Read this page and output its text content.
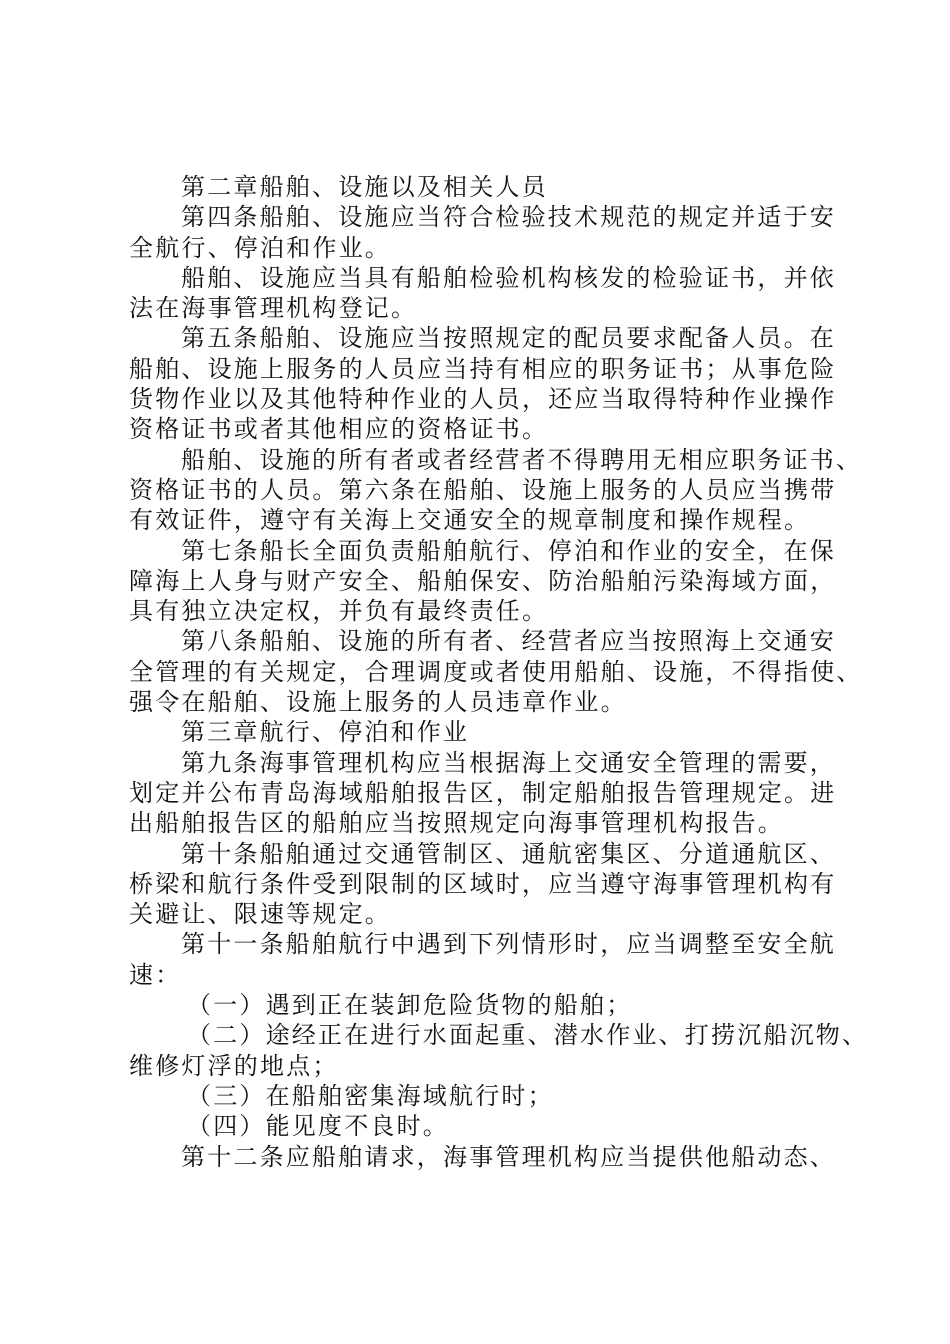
第二章船舶、设施以及相关人员
第四条船舶、设施应当符合检验技术规范的规定并适于安
全航行、停泊和作业。
船舶、设施应当具有船舶检验机构核发的检验证书，并依
法在海事管理机构登记。
第五条船舶、设施应当按照规定的配员要求配备人员。在
船舶、设施上服务的人员应当持有相应的职务证书；从事危险
货物作业以及其他特种作业的人员，还应当取得特种作业操作
资格证书或者其他相应的资格证书。
船舶、设施的所有者或者经营者不得聘用无相应职务证书、
资格证书的人员。第六条在船舶、设施上服务的人员应当携带
有效证件，遵守有关海上交通安全的规章制度和操作规程。
第七条船长全面负责船舶航行、停泊和作业的安全，在保
障海上人身与财产安全、船舶保安、防治船舶污染海域方面，
具有独立决定权，并负有最终责任。
第八条船舶、设施的所有者、经营者应当按照海上交通安
全管理的有关规定，合理调度或者使用船舶、设施，不得指使、
强令在船舶、设施上服务的人员违章作业。
第三章航行、停泊和作业
第九条海事管理机构应当根据海上交通安全管理的需要，
划定并公布青岛海域船舶报告区，制定船舶报告管理规定。进
出船舶报告区的船舶应当按照规定向海事管理机构报告。
第十条船舶通过交通管制区、通航密集区、分道通航区、
桥梁和航行条件受到限制的区域时，应当遵守海事管理机构有
关避让、限速等规定。
第十一条船舶航行中遇到下列情形时，应当调整至安全航
速：
（一）遇到正在装卸危险货物的船舶；
（二）途经正在进行水面起重、潜水作业、打捞沉船沉物、
维修灯浮的地点；
（三）在船舶密集海域航行时；
（四）能见度不良时。
第十二条应船舶请求，海事管理机构应当提供他船动态、
